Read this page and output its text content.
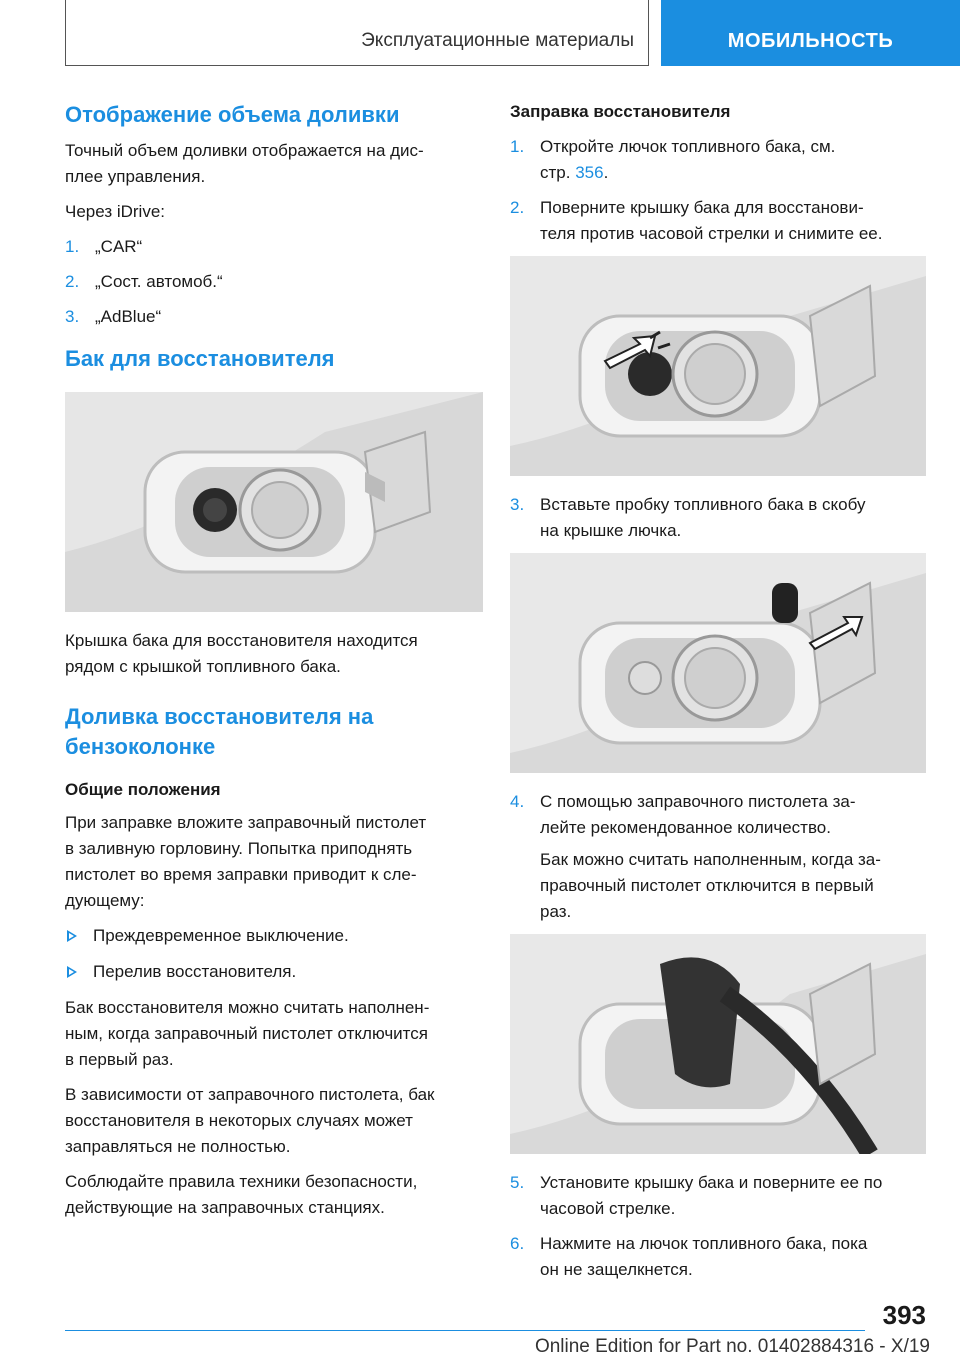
Эксплуатационные материалы	МОБИЛЬНОСТЬ
Отображение объема доливки

Точный объем доливки отображается на дис-
плее управления.

Через iDrive:

1. „CAR“
2. „Сост. автомоб.“
3. „AdBlue“
Бак для восстановителя

Крышка бака для восстановителя находится
рядом с крышкой топливного бака.

Доливка восстановителя на
бензоколонке
Общие положения

При заправке вложите заправочный пистолет
в заливную горловину. Попытка приподнять
пистолет во время заправки приводит к сле-
дующему:

Преждевременное выключение.
Перелив восстановителя.

Бак восстановителя можно считать наполнен-
ным, когда заправочный пистолет отключится
в первый раз.

В зависимости от заправочного пистолета, бак
восстановителя в некоторых случаях может
заправляться не полностью.

Соблюдайте правила техники безопасности,
действующие на заправочных станциях.

Заправка восстановителя
1. Откройте лючок топливного бака, см.
стр. 356.
2. Поверните крышку бака для восстанови-
теля против часовой стрелки и снимите ее.
3. Вставьте пробку топливного бака в скобу
на крышке лючка.
4. С помощью заправочного пистолета за-
лейте рекомендованное количество.
Бак можно считать наполненным, когда за-
правочный пистолет отключится в первый
раз.
5. Установите крышку бака и поверните ее по
часовой стрелке.
6. Нажмите на лючок топливного бака, пока
он не защелкнется.
393
Online Edition for Part no. 01402884316 - X/19
